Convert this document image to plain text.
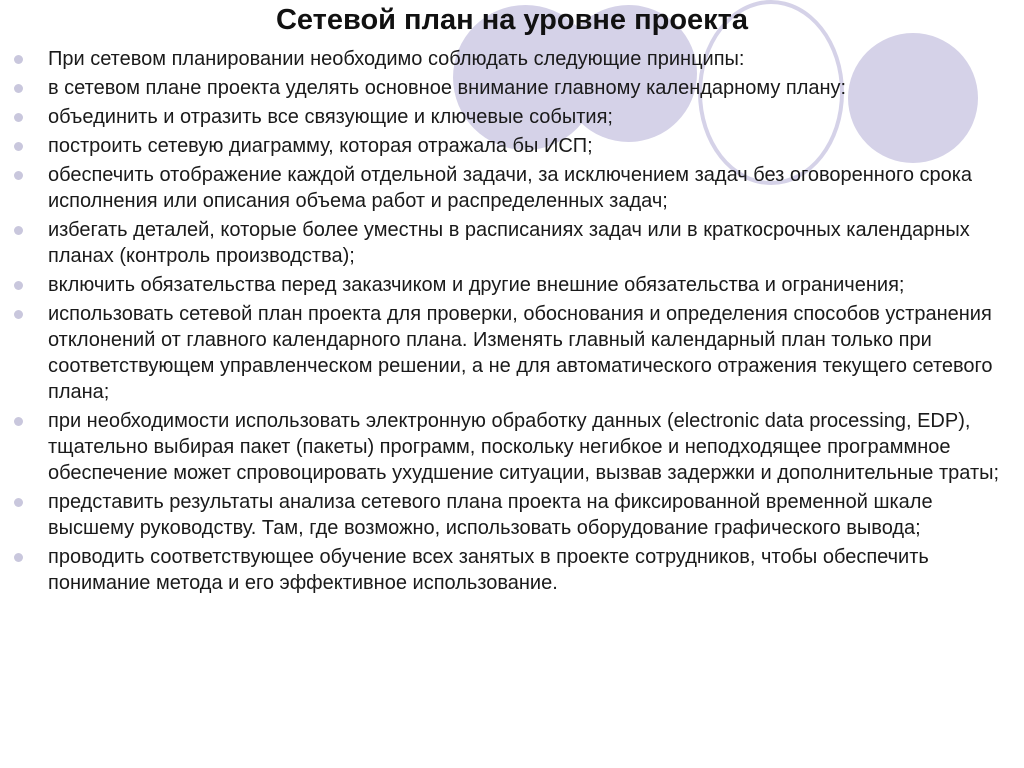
Сетевой план на уровне проекта
При сетевом планировании необходимо соблюдать следующие принципы:
в сетевом плане проекта уделять основное внимание главному календарному плану:
объединить и отразить все связующие и ключевые события;
построить сетевую диаграмму, которая отражала бы ИСП;
обеспечить отображение каждой отдельной задачи, за исключением задач без оговоренного срока исполнения или описания объема работ и распределенных задач;
избегать деталей, которые более уместны в расписаниях задач или в краткосрочных календарных планах (контроль производства);
включить обязательства перед заказчиком и другие внешние обязательства и ограничения;
использовать сетевой план проекта для проверки, обоснования и определения способов устранения отклонений от главного календарного плана. Изменять главный календарный план только при соответствующем управленческом решении, а не для автоматического отражения текущего сетевого плана;
при необходимости использовать электронную обработку данных (electronic data processing, EDP), тщательно выбирая пакет (пакеты) программ, поскольку негибкое и неподходящее программное обеспечение может спровоцировать ухудшение ситуации, вызвав задержки и дополнительные траты;
представить результаты анализа сетевого плана проекта на фиксированной временной шкале высшему руководству. Там, где возможно, использовать оборудование графического вывода;
проводить соответствующее обучение всех занятых в проекте сотрудников, чтобы обеспечить понимание метода и его эффективное использование.
